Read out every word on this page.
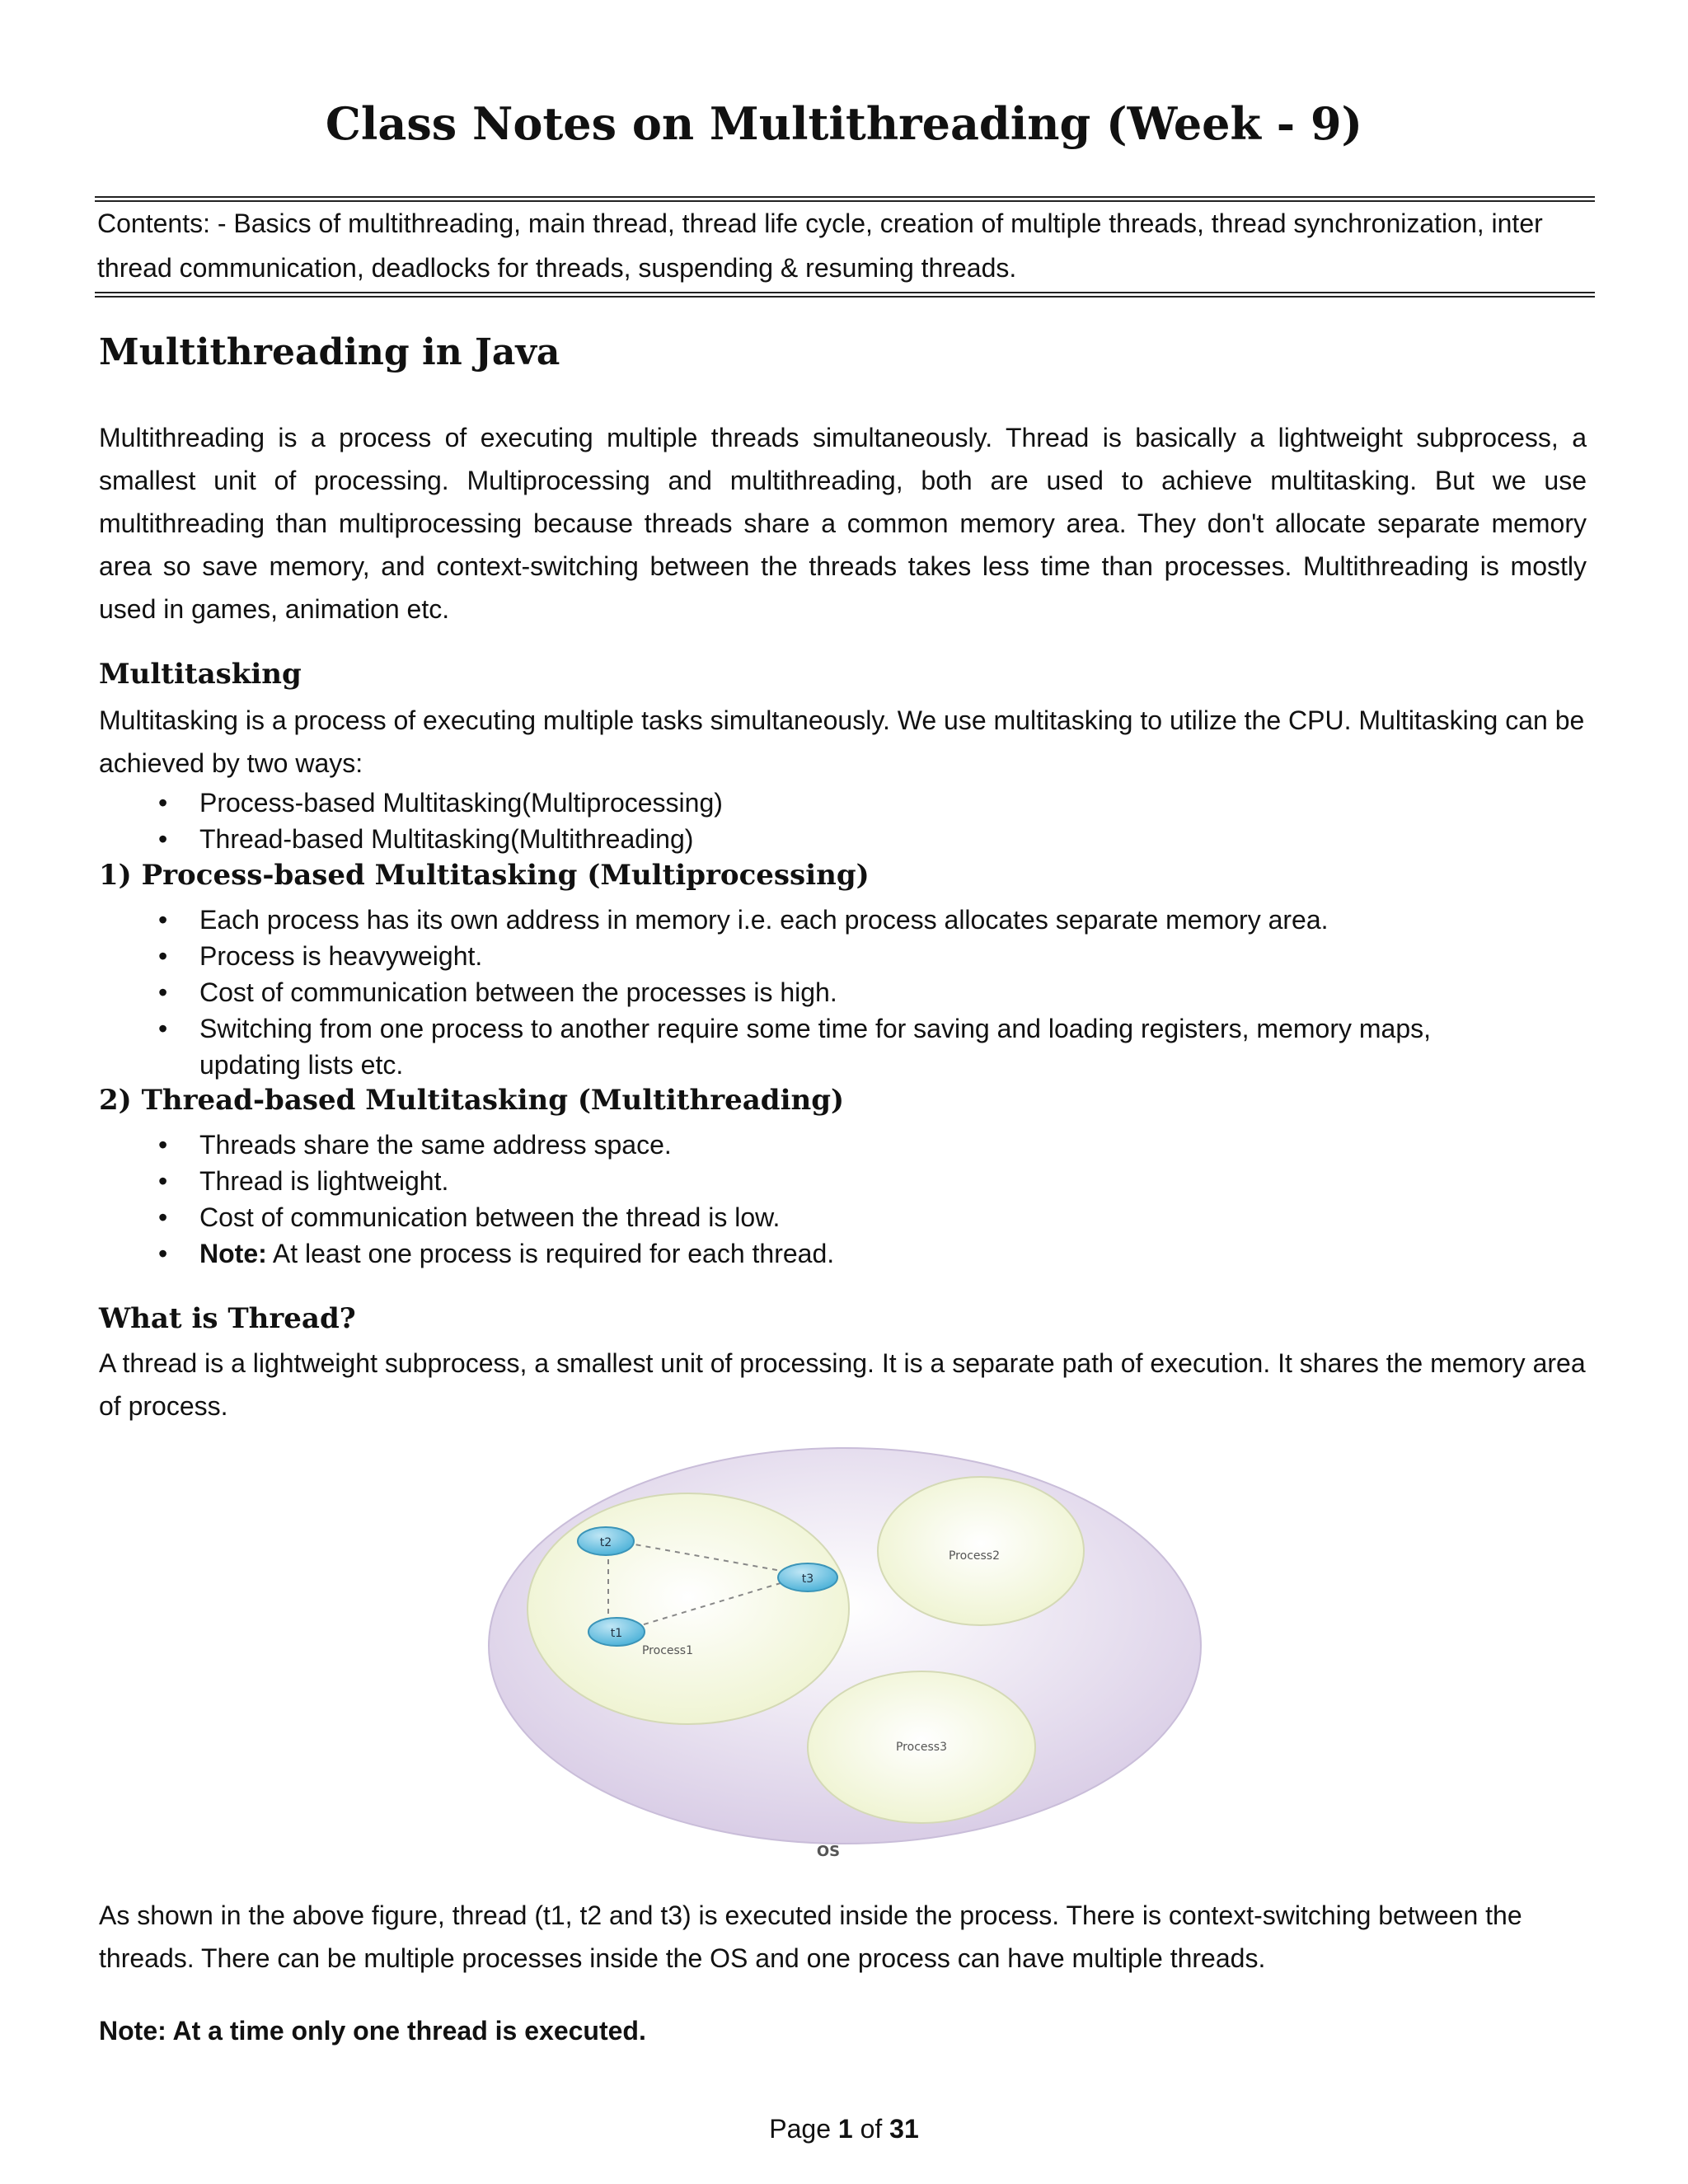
Class Notes on Multithreading (Week - 9)

Contents: - Basics of multithreading, main thread, thread life cycle, creation of multiple threads, thread synchronization, inter thread communication, deadlocks for threads, suspending & resuming threads.

Multithreading in Java

Multithreading is a process of executing multiple threads simultaneously. Thread is basically a lightweight subprocess, a smallest unit of processing. Multiprocessing and multithreading, both are used to achieve multitasking. But we use multithreading than multiprocessing because threads share a common memory area. They don't allocate separate memory area so save memory, and context-switching between the threads takes less time than processes. Multithreading is mostly used in games, animation etc.

Multitasking

Multitasking is a process of executing multiple tasks simultaneously. We use multitasking to utilize the CPU. Multitasking can be achieved by two ways:

• Process-based Multitasking(Multiprocessing)
• Thread-based Multitasking(Multithreading)
1) Process-based Multitasking (Multiprocessing)
• Each process has its own address in memory i.e. each process allocates separate memory area.
• Process is heavyweight.
• Cost of communication between the processes is high.
• Switching from one process to another require some time for saving and loading registers, memory maps, updating lists etc.
2) Thread-based Multitasking (Multithreading)
• Threads share the same address space.
• Thread is lightweight.
• Cost of communication between the thread is low.
• Note: At least one process is required for each thread.
What is Thread?

A thread is a lightweight subprocess, a smallest unit of processing. It is a separate path of execution. It shares the memory area of process.

t2
t3
t1
Process1
Process2
Process3
OS

As shown in the above figure, thread (t1, t2 and t3) is executed inside the process. There is context-switching between the threads. There can be multiple processes inside the OS and one process can have multiple threads.

Note: At a time only one thread is executed.

Page 1 of 31
